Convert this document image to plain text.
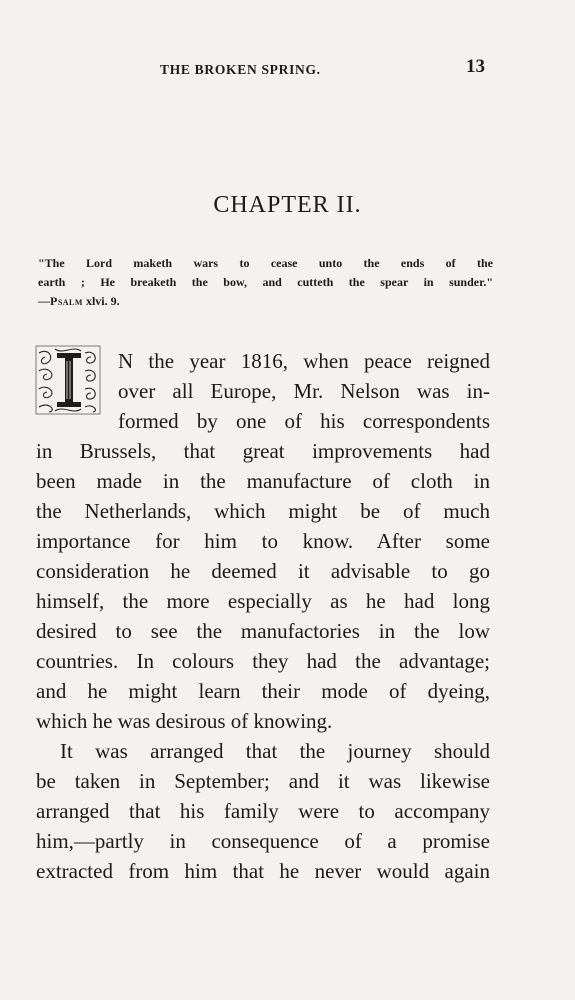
THE BROKEN SPRING.	13
CHAPTER II.
"The Lord maketh wars to cease unto the ends of the
earth ; He breaketh the bow, and cutteth the spear in sunder."
—Psalm xlvi. 9.
N the year 1816, when peace reigned
over all Europe, Mr. Nelson was in-
formed by one of his correspondents
in Brussels, that great improvements had
been made in the manufacture of cloth in
the Netherlands, which might be of much
importance for him to know. After some
consideration he deemed it advisable to go
himself, the more especially as he had long
desired to see the manufactories in the low
countries. In colours they had the advantage;
and he might learn their mode of dyeing,
which he was desirous of knowing.
It was arranged that the journey should
be taken in September; and it was likewise
arranged that his family were to accompany
him,—partly in consequence of a promise
extracted from him that he never would again
